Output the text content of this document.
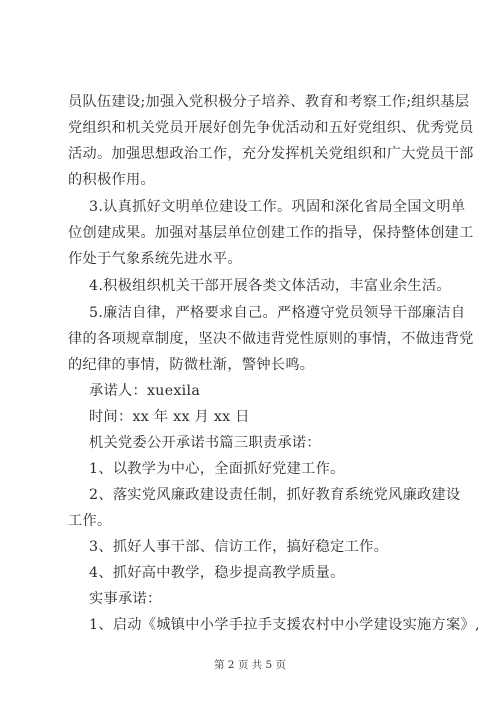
员队伍建设;加强入党积极分子培养、教育和考察工作;组织基层
党组织和机关党员开展好创先争优活动和五好党组织、优秀党员
活动。加强思想政治工作，充分发挥机关党组织和广大党员干部
的积极作用。
3.认真抓好文明单位建设工作。巩固和深化省局全国文明单
位创建成果。加强对基层单位创建工作的指导，保持整体创建工
作处于气象系统先进水平。
4.积极组织机关干部开展各类文体活动，丰富业余生活。
5.廉洁自律，严格要求自己。严格遵守党员领导干部廉洁自
律的各项规章制度，坚决不做违背党性原则的事情，不做违背党
的纪律的事情，防微杜渐，警钟长鸣。
承诺人：xuexila
时间：xx 年 xx 月 xx 日
机关党委公开承诺书篇三职责承诺：
1、以教学为中心，全面抓好党建工作。
2、落实党风廉政建设责任制，抓好教育系统党风廉政建设
工作。
3、抓好人事干部、信访工作，搞好稳定工作。
4、抓好高中教学，稳步提高教学质量。
实事承诺：
1、启动《城镇中小学手拉手支援农村中小学建设实施方案》,
第 2 页 共 5 页
